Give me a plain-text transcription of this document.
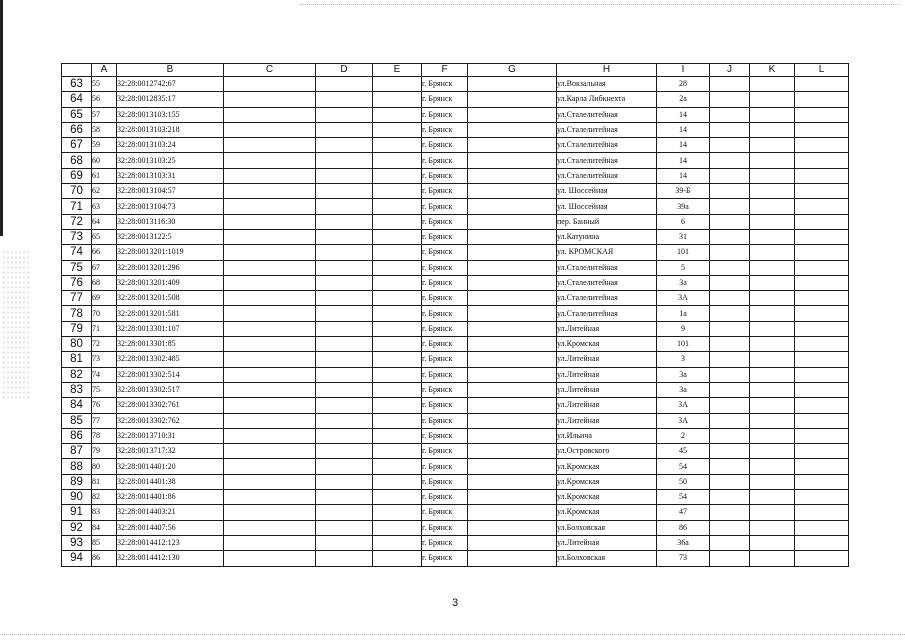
	A	B	C	D	E	F	G	H	I	J	K	L
63	55	32:28:0012742:67				г. Брянск		ул.Вокзальная	28			
64	56	32:28:0012835:17				г. Брянск		ул.Карла Либкнехта	2а			
65	57	32:28:0013103:155				г. Брянск		ул.Сталелитейная	14			
66	58	32:28:0013103:218				г. Брянск		ул.Сталелитейная	14			
67	59	32:28:0013103:24				г. Брянск		ул.Сталелитейная	14			
68	60	32:28:0013103:25				г. Брянск		ул.Сталелитейная	14			
69	61	32:28:0013103:31				г. Брянск		ул.Сталелитейная	14			
70	62	32:28:0013104:57				г. Брянск		ул. Шоссейная	39-Б			
71	63	32:28:0013104:73				г. Брянск		ул. Шоссейная	39а			
72	64	32:28:0013116:30				г. Брянск		пер. Банный	6			
73	65	32:28:0013122:5				г. Брянск		ул.Катунина	31			
74	66	32:28:0013201:1019				г. Брянск		ул. КРОМСКАЯ	101			
75	67	32:28:0013201:296				г. Брянск		ул.Сталелитейная	5			
76	68	32:28:0013201:409				г. Брянск		ул.Сталелитейная	3а			
77	69	32:28:0013201:508				г. Брянск		ул.Сталелитейная	3А			
78	70	32:28:0013201:581				г. Брянск		ул.Сталелитейная	1а			
79	71	32:28:0013301:107				г. Брянск		ул.Литейная	9			
80	72	32:28:0013301:85				г. Брянск		ул.Кромская	101			
81	73	32:28:0013302:485				г. Брянск		ул.Литейная	3			
82	74	32:28:0013302:514				г. Брянск		ул.Литейная	3а			
83	75	32:28:0013302:517				г. Брянск		ул.Литейная	3а			
84	76	32:28:0013302:761				г. Брянск		ул.Литейная	3А			
85	77	32:28:0013302:762				г. Брянск		ул.Литейная	3А			
86	78	32:28:0013710:31				г. Брянск		ул.Ильича	2			
87	79	32:28:0013717:32				г. Брянск		ул.Островского	45			
88	80	32:28:0014401:20				г. Брянск		ул.Кромская	54			
89	81	32:28:0014401:38				г. Брянск		ул.Кромская	50			
90	82	32:28:0014401:86				г. Брянск		ул.Кромская	54			
91	83	32:28:0014403:21				г. Брянск		ул.Кромская	47			
92	84	32:28:0014407:56				г. Брянск		ул.Болховская	86			
93	85	32:28:0014412:123				г. Брянск		ул.Литейная	36а			
94	86	32:28:0014412:130				г. Брянск		ул.Болховская	73			
3
